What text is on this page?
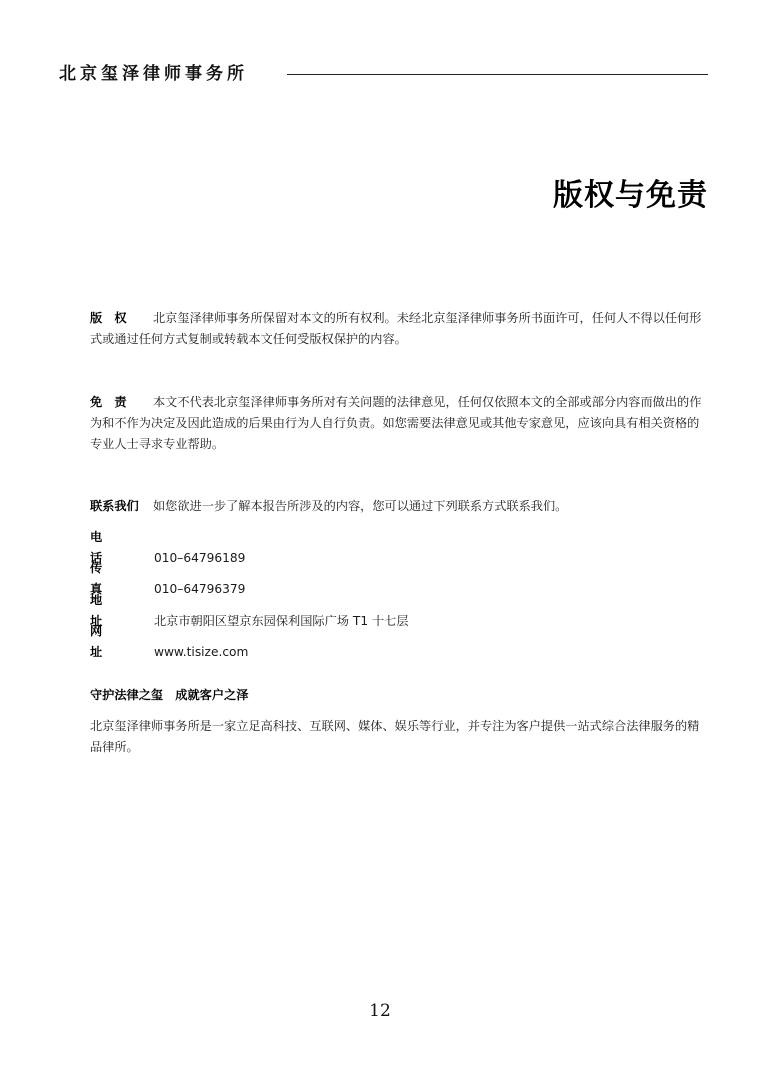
北京玺泽律师事务所
版权与免责
版　权 北京玺泽律师事务所保留对本文的所有权利。未经北京玺泽律师事务所书面许可，任何人不得以任何形式或通过任何方式复制或转载本文任何受版权保护的内容。
免　责 本文不代表北京玺泽律师事务所对有关问题的法律意见，任何仅依照本文的全部或部分内容而做出的作为和不作为决定及因此造成的后果由行为人自行负责。如您需要法律意见或其他专家意见，应该向具有相关资格的专业人士寻求专业帮助。
联系我们 如您欲进一步了解本报告所涉及的内容，您可以通过下列联系方式联系我们。
电　话 010–64796189
传　真 010–64796379
地　址 北京市朝阳区望京东园保利国际广场 T1 十七层
网　址 www.tisize.com
守护法律之玺　成就客户之泽
北京玺泽律师事务所是一家立足高科技、互联网、媒体、娱乐等行业，并专注为客户提供一站式综合法律服务的精品律所。
12
